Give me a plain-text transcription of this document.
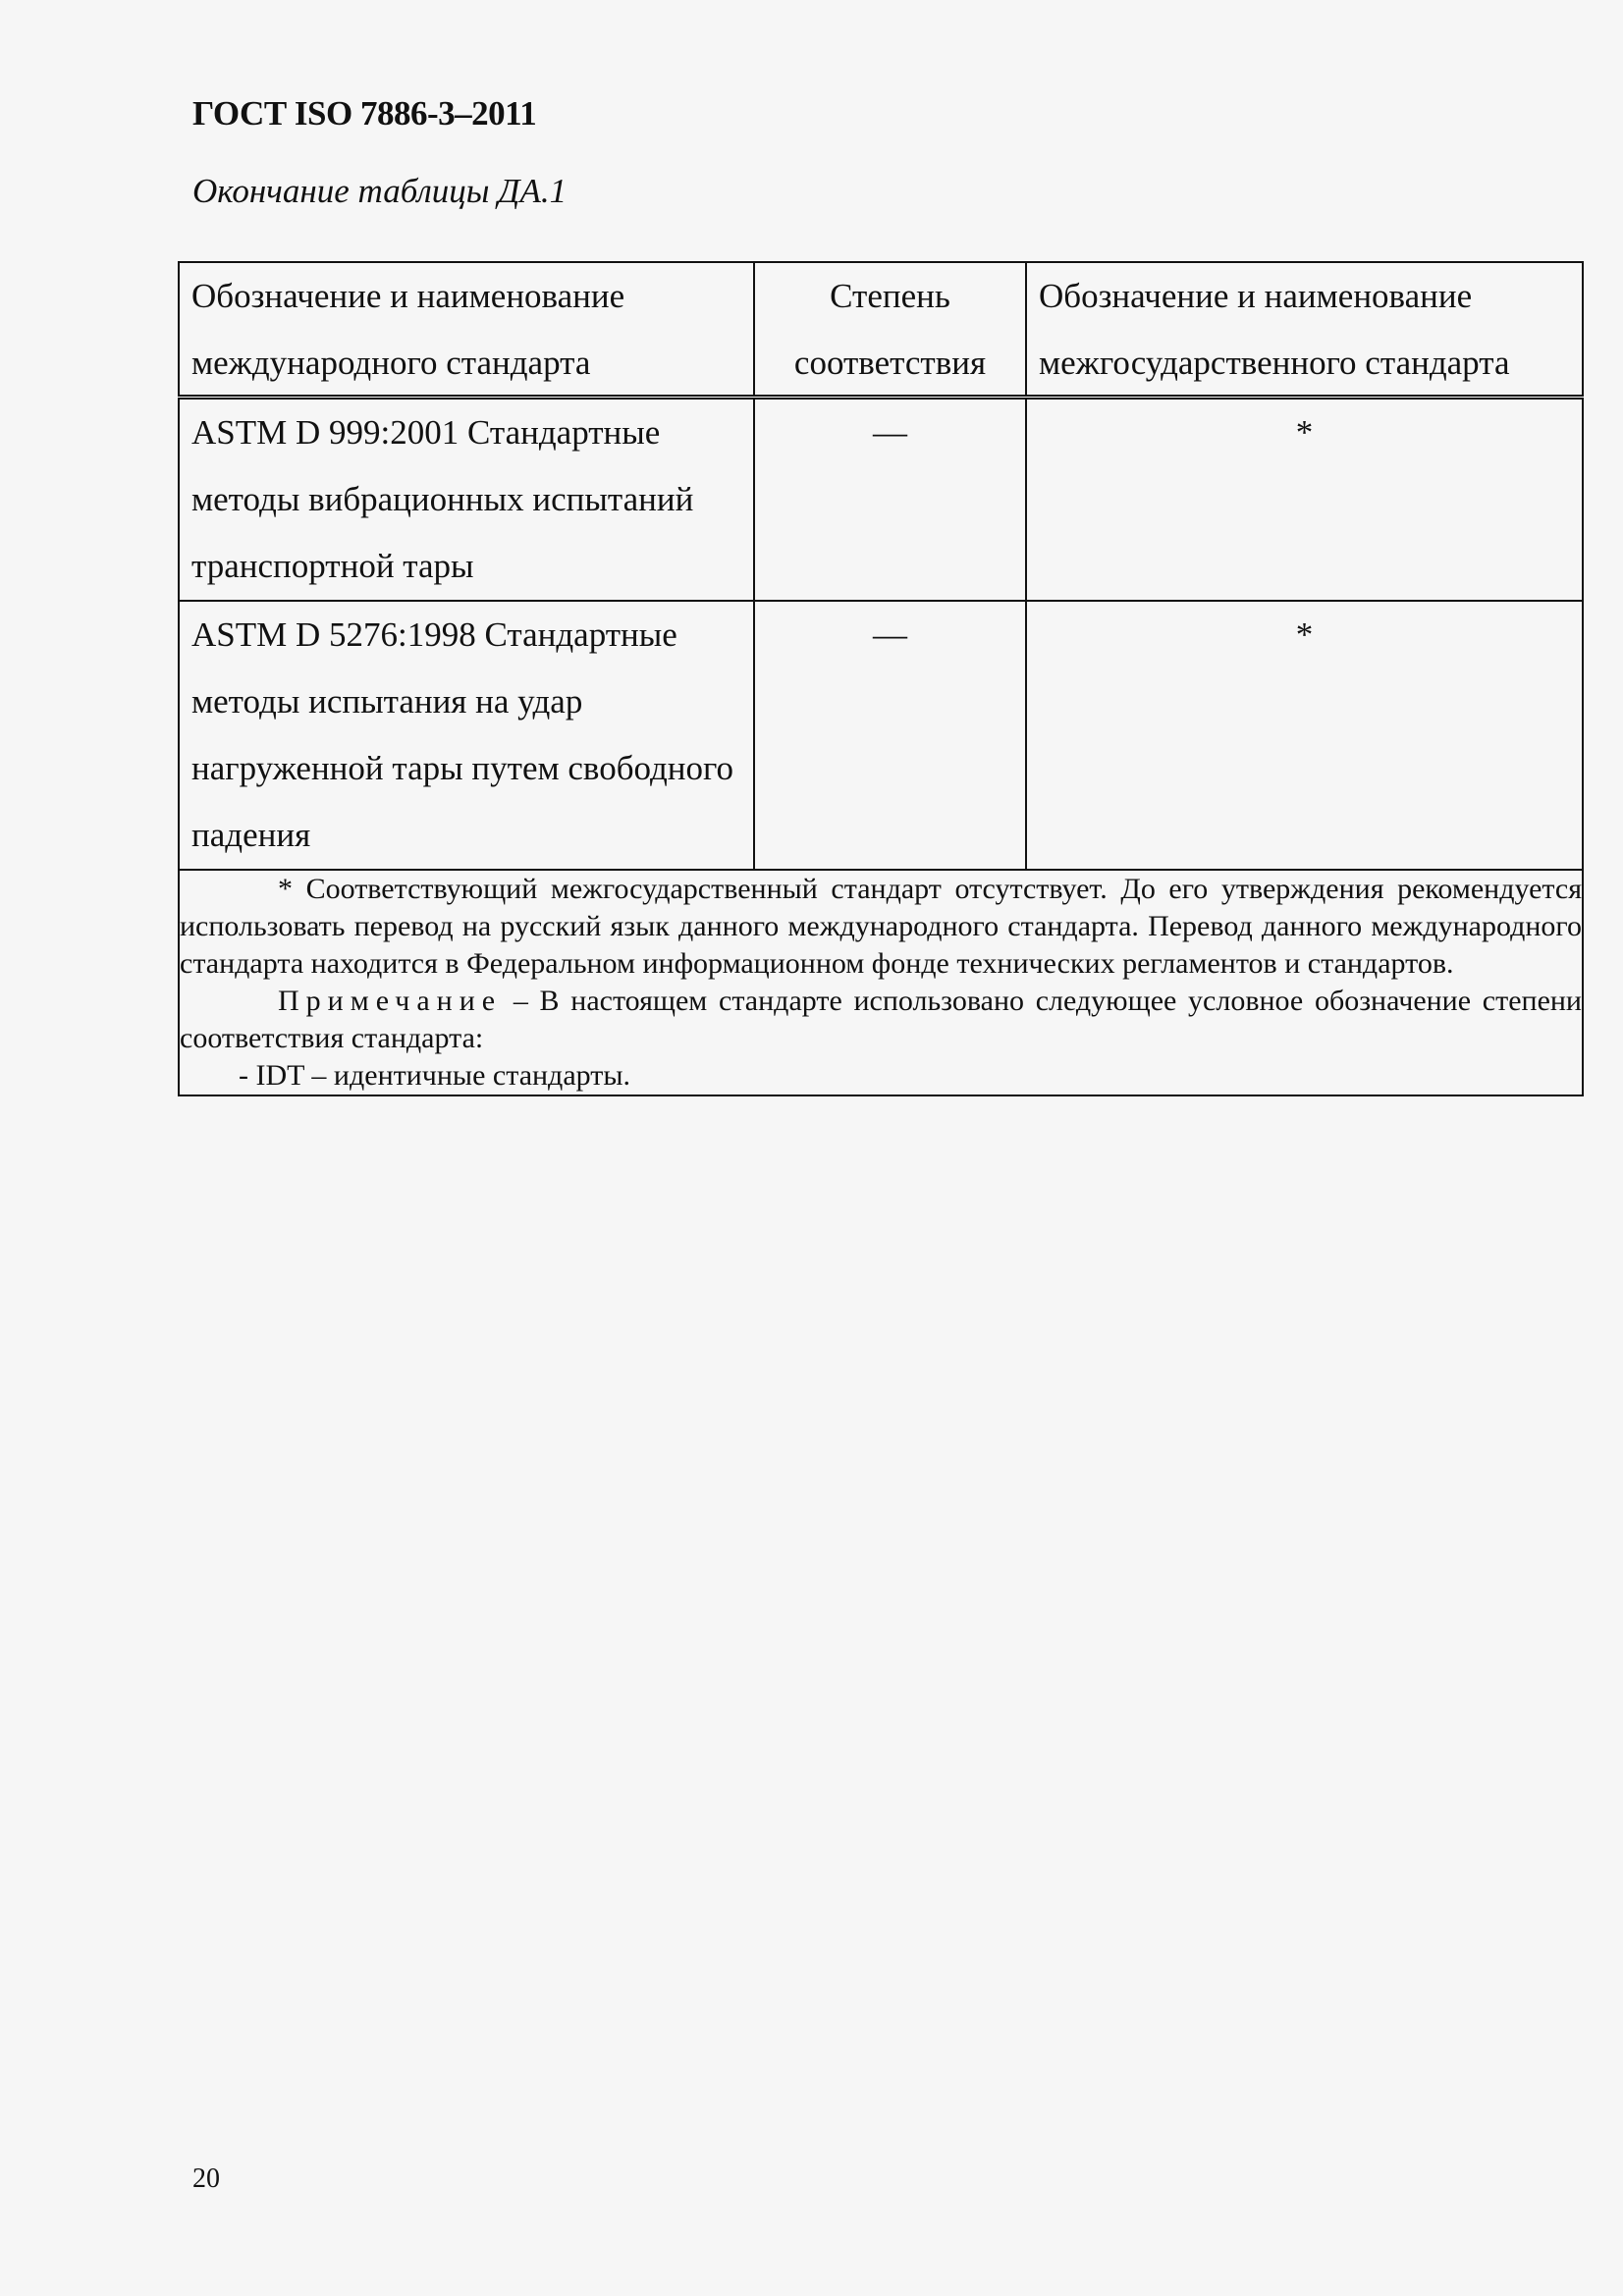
ГОСТ ISO 7886-3–2011
Окончание таблицы ДА.1
Обозначение и наименование международного стандарта	Степень соответствия	Обозначение и наименование межгосударственного стандарта

ASTM D 999:2001 Стандартные методы вибрационных испытаний транспортной тары	—	*

ASTM D 5276:1998 Стандартные методы испытания на удар нагруженной тары путем свободного падения	—	*

* Соответствующий межгосударственный стандарт отсутствует. До его утверждения рекомендуется использовать перевод на русский язык данного международного стандарта. Перевод данного международного стандарта находится в Федеральном информационном фонде технических регламентов и стандартов.

Примечание – В настоящем стандарте использовано следующее условное обозначение степени соответствия стандарта:

- IDT – идентичные стандарты.		

20
